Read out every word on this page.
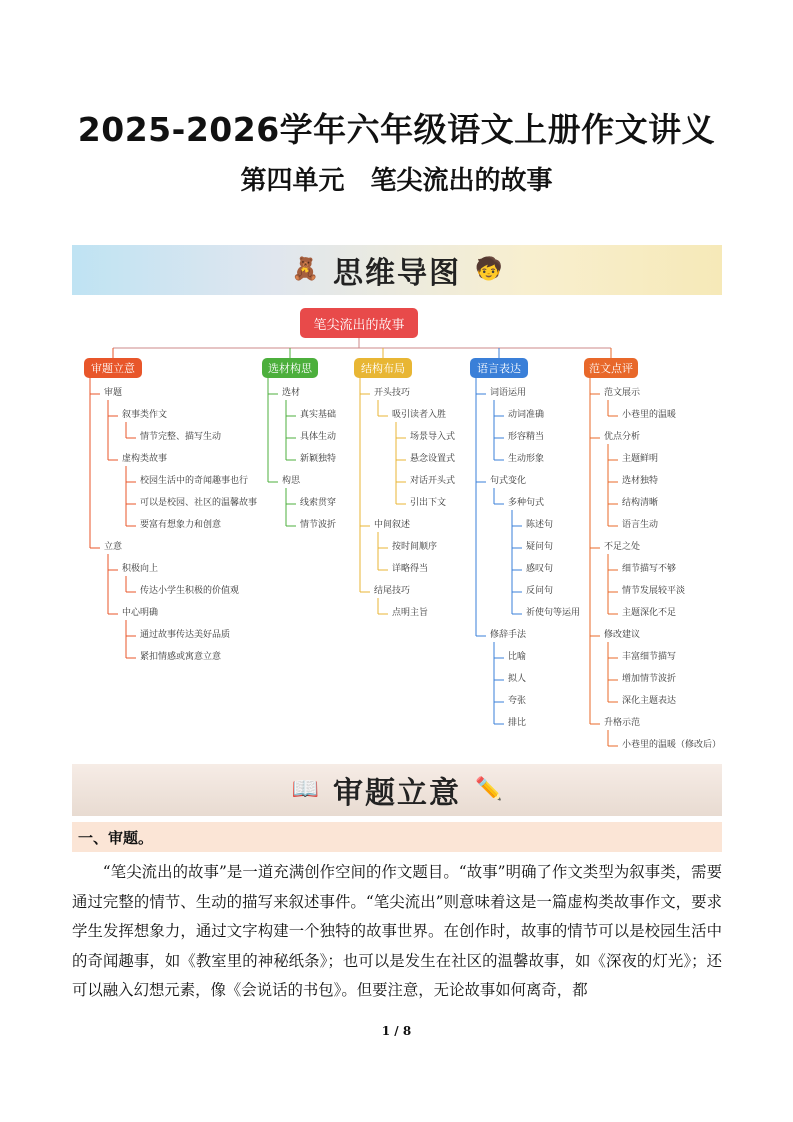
2025-2026学年六年级语文上册作文讲义
第四单元　笔尖流出的故事
🧸 思维导图 🧒
笔尖流出的故事
审题立意
审题
叙事类作文
情节完整、描写生动
虚构类故事
校园生活中的奇闻趣事也行
可以是校园、社区的温馨故事
要富有想象力和创意
立意
积极向上
传达小学生积极的价值观
中心明确
通过故事传达美好品质
紧扣情感或寓意立意
选材构思
选材
真实基础
具体生动
新颖独特
构思
线索贯穿
情节波折
结构布局
开头技巧
吸引读者入胜
场景导入式
悬念设置式
对话开头式
引出下文
中间叙述
按时间顺序
详略得当
结尾技巧
点明主旨
语言表达
词语运用
动词准确
形容精当
生动形象
句式变化
多种句式
陈述句
疑问句
感叹句
反问句
祈使句等运用
修辞手法
比喻
拟人
夸张
排比
范文点评
范文展示
小巷里的温暖
优点分析
主题鲜明
选材独特
结构清晰
语言生动
不足之处
细节描写不够
情节发展较平淡
主题深化不足
修改建议
丰富细节描写
增加情节波折
深化主题表达
升格示范
小巷里的温暖（修改后）
📖 审题立意 ✏️
一、审题。
“笔尖流出的故事”是一道充满创作空间的作文题目。“故事”明确了作文类型为叙事类，需要通过完整的情节、生动的描写来叙述事件。“笔尖流出”则意味着这是一篇虚构类故事作文，要求学生发挥想象力，通过文字构建一个独特的故事世界。在创作时，故事的情节可以是校园生活中的奇闻趣事，如《教室里的神秘纸条》；也可以是发生在社区的温馨故事，如《深夜的灯光》；还可以融入幻想元素，像《会说话的书包》。但要注意，无论故事如何离奇，都
1 / 8
